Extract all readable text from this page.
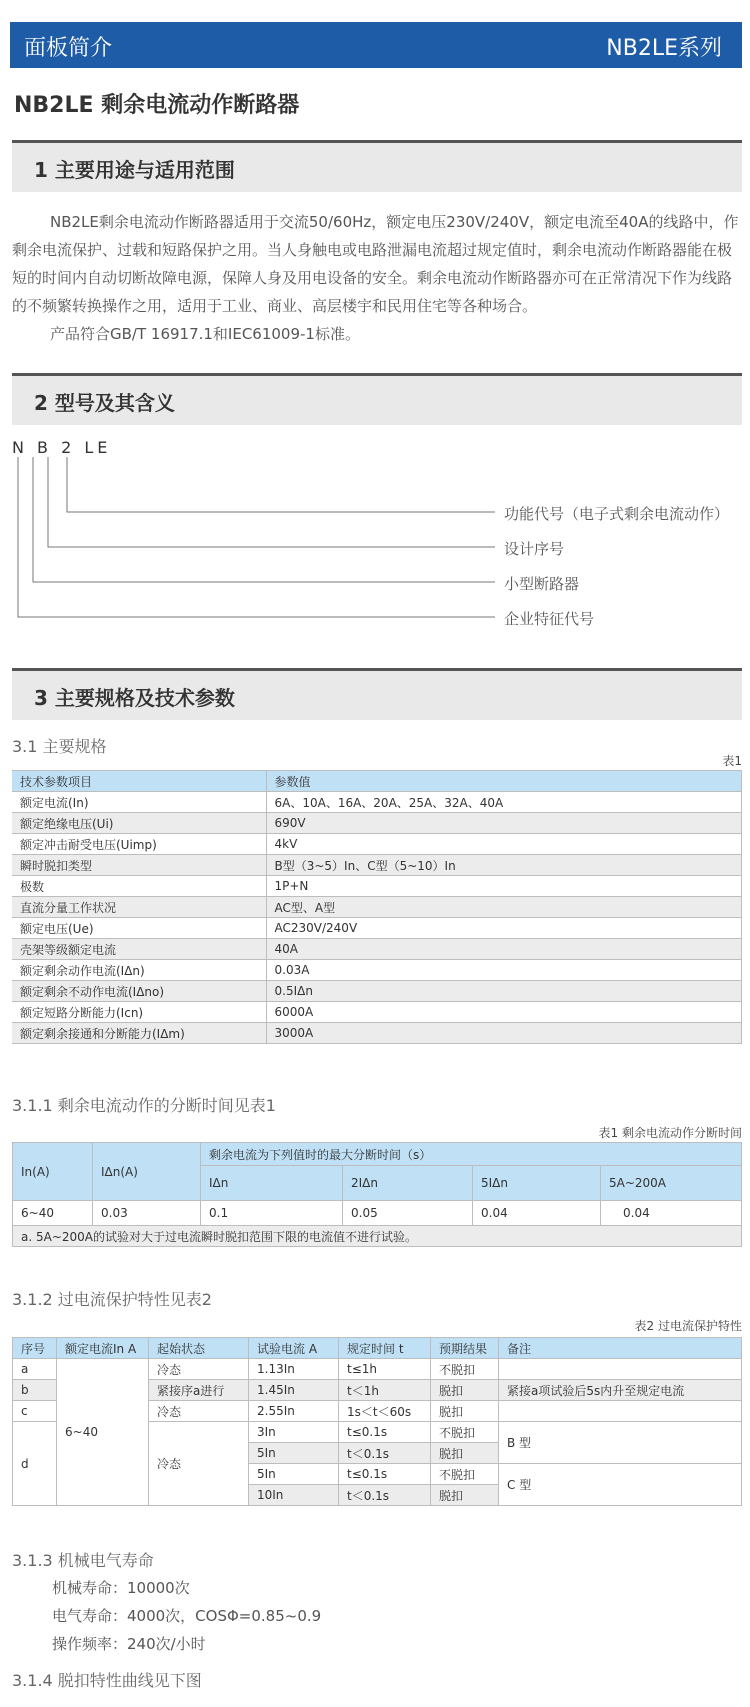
面板简介	NB2LE系列
NB2LE 剩余电流动作断路器
1 主要用途与适用范围

NB2LE剩余电流动作断路器适用于交流50/60Hz，额定电压230V/240V，额定电流至40A的线路中，作剩余电流保护、过载和短路保护之用。当人身触电或电路泄漏电流超过规定值时，剩余电流动作断路器能在极短的时间内自动切断故障电源，保障人身及用电设备的安全。剩余电流动作断路器亦可在正常清况下作为线路的不频繁转换操作之用，适用于工业、商业、高层楼宇和民用住宅等各种场合。

产品符合GB/T 16917.1和IEC61009-1标准。

2 型号及其含义
N B 2 LE
功能代号（电子式剩余电流动作）
设计序号
小型断路器
企业特征代号
3 主要规格及技术参数
3.1 主要规格
表1
技术参数项目	参数值
额定电流(In)	6A、10A、16A、20A、25A、32A、40A
额定绝缘电压(Ui)	690V
额定冲击耐受电压(Uimp)	4kV
瞬时脱扣类型	B型（3~5）In、C型（5~10）In
极数	1P+N
直流分量工作状况	AC型、A型
额定电压(Ue)	AC230V/240V
壳架等级额定电流	40A
额定剩余动作电流(IΔn)	0.03A
额定剩余不动作电流(IΔno)	0.5IΔn
额定短路分断能力(Icn)	6000A
额定剩余接通和分断能力(IΔm)	3000A
3.1.1 剩余电流动作的分断时间见表1
表1 剩余电流动作分断时间
In(A)	IΔn(A)	剩余电流为下列值时的最大分断时间（s）			
		IΔn	2IΔn	5IΔn	5A~200A
6~40	0.03	0.1	0.05	0.04	0.04
a. 5A~200A的试验对大于过电流瞬时脱扣范围下限的电流值不进行试验。					
3.1.2 过电流保护特性见表2
表2 过电流保护特性
序号	额定电流In A	起始状态	试验电流 A	规定时间 t	预期结果	备注
a	6~40	冷态	1.13In	t≤1h	不脱扣	
b		紧接序a进行	1.45In	t＜1h	脱扣	紧接a项试验后5s内升至规定电流
c		冷态	2.55In	1s＜t＜60s	脱扣	
d		冷态	3In	t≤0.1s	不脱扣	B 型
			5In	t＜0.1s	脱扣	
			5In	t≤0.1s	不脱扣	C 型
			10In	t＜0.1s	脱扣	
3.1.3 机械电气寿命
机械寿命：10000次
电气寿命：4000次，COSΦ=0.85~0.9
操作频率：240次/小时
3.1.4 脱扣特性曲线见下图
